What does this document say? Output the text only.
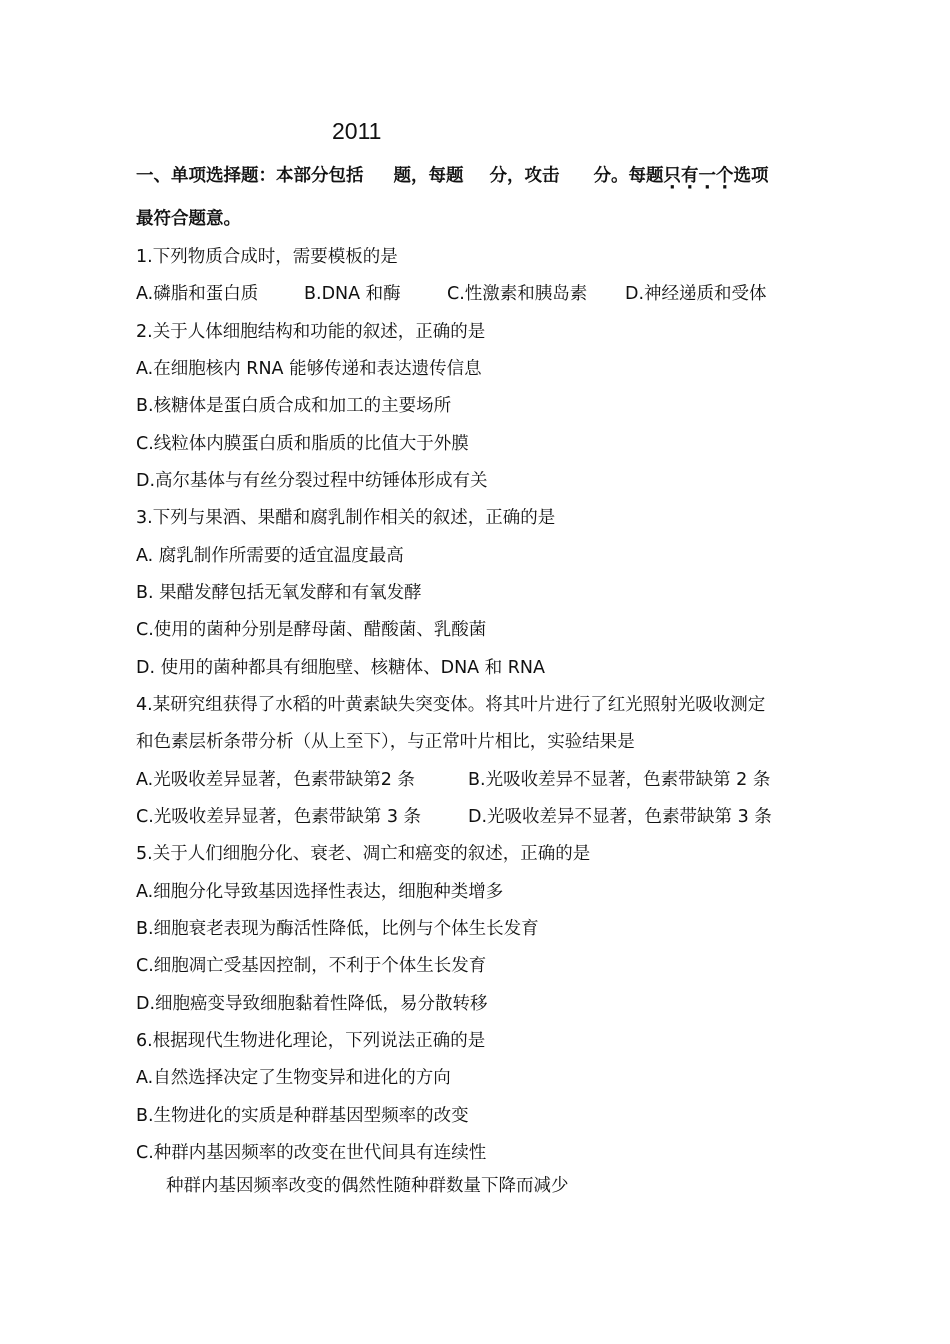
2011
一、单项选择题：本部分包括 题，每题 分，攻击 分。每题只有一个选项
最符合题意。
1.下列物质合成时，需要模板的是
A.磷脂和蛋白质	B.DNA 和酶	C.性激素和胰岛素 D.神经递质和受体
2.关于人体细胞结构和功能的叙述，正确的是
A.在细胞核内 RNA 能够传递和表达遗传信息
B.核糖体是蛋白质合成和加工的主要场所
C.线粒体内膜蛋白质和脂质的比值大于外膜
D.高尔基体与有丝分裂过程中纺锤体形成有关
3.下列与果酒、果醋和腐乳制作相关的叙述，正确的是
A. 腐乳制作所需要的适宜温度最高
B. 果醋发酵包括无氧发酵和有氧发酵
C.使用的菌种分别是酵母菌、醋酸菌、乳酸菌
D. 使用的菌种都具有细胞壁、核糖体、DNA 和 RNA
4.某研究组获得了水稻的叶黄素缺失突变体。将其叶片进行了红光照射光吸收测定
和色素层析条带分析（从上至下），与正常叶片相比，实验结果是
A.光吸收差异显著，色素带缺第2 条	B.光吸收差异不显著，色素带缺第 2 条
C.光吸收差异显著，色素带缺第 3 条	D.光吸收差异不显著，色素带缺第 3 条
5.关于人们细胞分化、衰老、凋亡和癌变的叙述，正确的是
A.细胞分化导致基因选择性表达，细胞种类增多
B.细胞衰老表现为酶活性降低，比例与个体生长发育
C.细胞凋亡受基因控制，不利于个体生长发育
D.细胞癌变导致细胞黏着性降低，易分散转移
6.根据现代生物进化理论，下列说法正确的是
A.自然选择决定了生物变异和进化的方向
B.生物进化的实质是种群基因型频率的改变
C.种群内基因频率的改变在世代间具有连续性
种群内基因频率改变的偶然性随种群数量下降而减少
